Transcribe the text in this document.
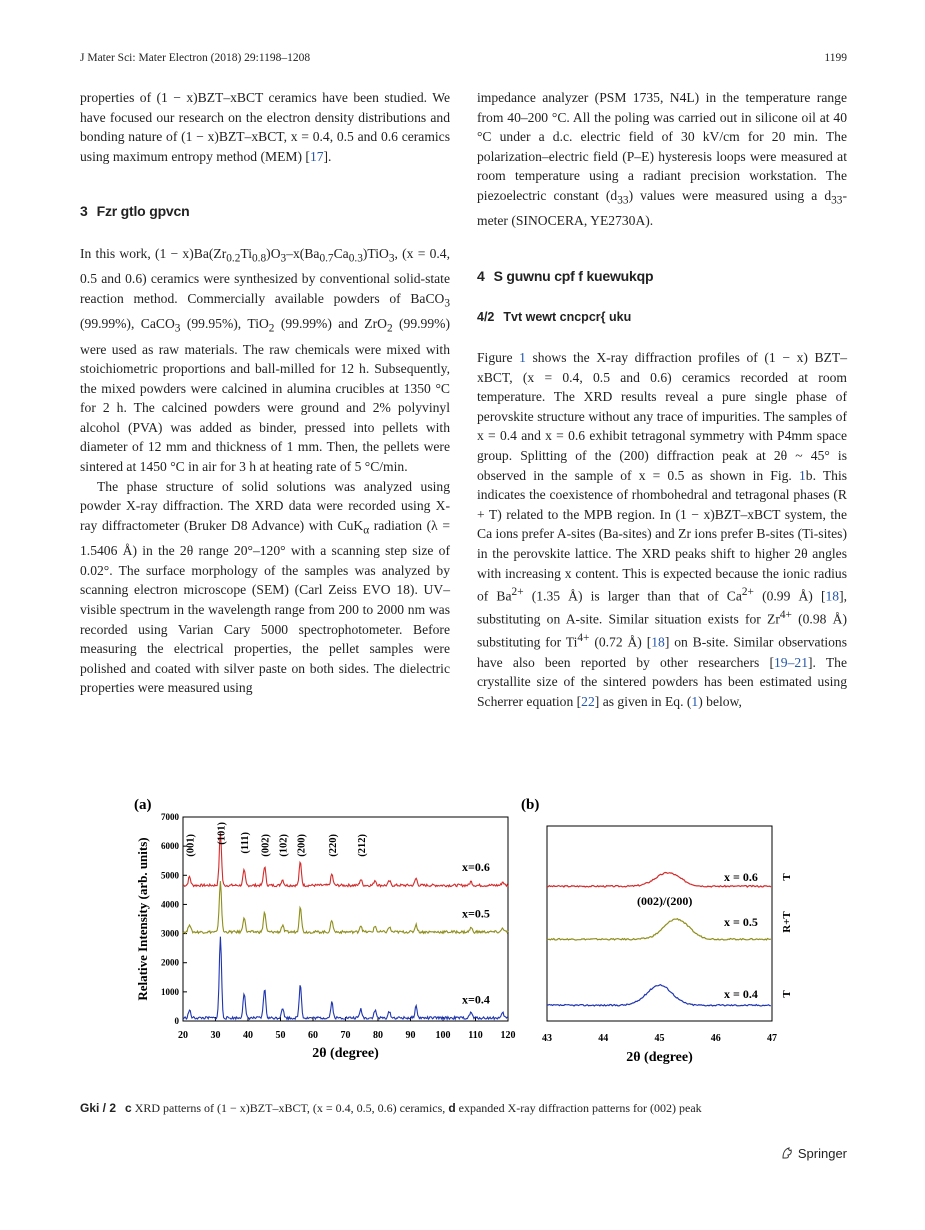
J Mater Sci: Mater Electron (2018) 29:1198–1208	1199

properties of (1 − x)BZT–xBCT ceramics have been studied. We have focused our research on the electron density distributions and bonding nature of (1 − x)BZT–xBCT, x = 0.4, 0.5 and 0.6 ceramics using maximum entropy method (MEM) [17].

3 Fzr gtlo gpvcn

In this work, $(1 - x)Ba(Zr_{0.2}Ti_{0.8})O_3-x(Ba_{0.7}Ca_{0.3})TiO_3$, (x = 0.4, 0.5 and 0.6) ceramics were synthesized by conventional solid-state reaction method. Commercially available powders of BaCO$_3$ (99.99%), CaCO$_3$ (99.95%), TiO$_2$ (99.99%) and ZrO$_2$ (99.99%) were used as raw materials. The raw chemicals were mixed with stoichiometric proportions and ball-milled for 12 h. Subsequently, the mixed powders were calcined in alumina crucibles at 1350 °C for 2 h. The calcined powders were ground and 2% polyvinyl alcohol (PVA) was added as binder, pressed into pellets with diameter of 12 mm and thickness of 1 mm. Then, the pellets were sintered at 1450 °C in air for 3 h at heating rate of 5 °C/min.

The phase structure of solid solutions was analyzed using powder X-ray diffraction. The XRD data were recorded using X-ray diffractometer (Bruker D8 Advance) with CuK$_\alpha$ radiation (λ = 1.5406 Å) in the 2θ range 20°–120° with a scanning step size of 0.02°. The surface morphology of the samples was analyzed by scanning electron microscope (SEM) (Carl Zeiss EVO 18). UV–visible spectrum in the wavelength range from 200 to 2000 nm was recorded using Varian Cary 5000 spectrophotometer. Before measuring the electrical properties, the pellet samples were polished and coated with silver paste on both sides. The dielectric properties were measured using

impedance analyzer (PSM 1735, N4L) in the temperature range from 40–200 °C. All the poling was carried out in silicone oil at 40 °C under a d.c. electric field of 30 kV/cm for 20 min. The polarization–electric field (P–E) hysteresis loops were measured at room temperature using a radiant precision workstation. The piezoelectric constant $(d_{33})$ values were measured using a $d_{33}$-meter (SINOCERA, YE2730A).

4 S guwnu cpf f kuewukqp
4/2 Tvt wewt cncpcr{ uku

Figure 1 shows the X-ray diffraction profiles of (1 − x) BZT–xBCT, (x = 0.4, 0.5 and 0.6) ceramics recorded at room temperature. The XRD results reveal a pure single phase of perovskite structure without any trace of impurities. The samples of x = 0.4 and x = 0.6 exhibit tetragonal symmetry with P4mm space group. Splitting of the (200) diffraction peak at 2θ ~ 45° is observed in the sample of x = 0.5 as shown in Fig. 1b. This indicates the coexistence of rhombohedral and tetragonal phases (R + T) related to the MPB region. In (1 − x)BZT–xBCT system, the Ca ions prefer A-sites (Ba-sites) and Zr ions prefer B-sites (Ti-sites) in the perovskite lattice. The XRD peaks shift to higher 2θ angles with increasing x content. This is expected because the ionic radius of $Ba^{2+}$ (1.35 Å) is larger than that of $Ca^{2+}$ (0.99 Å) [18], substituting on A-site. Similar situation exists for $Zr^{4+}$ (0.98 Å) substituting for $Ti^{4+}$ (0.72 Å) [18] on B-site. Similar observations have also been reported by other researchers [19–21]. The crystallite size of the sintered powders has been estimated using Scherrer equation [22] as given in Eq. (1) below,

(a)
0
1000
2000
3000
4000
5000
6000
7000
20 30 40 50 60 70 80 90 100 110 120
2θ (degree)
Relative Intensity (arb. units)	x=0.6
x=0.5
x=0.4
(001)
(101) (111) (002) (102) (200) (220) (212)
(b)
43	44	45	46	47
2θ (degree)
x = 0.6 T
x = 0.5 R+T
x = 0.4 T
(002)/(200)
Gki / 2 c XRD patterns of (1 − x)BZT–xBCT, (x = 0.4, 0.5, 0.6) ceramics, d expanded X-ray diffraction patterns for (002) peak
Springer
